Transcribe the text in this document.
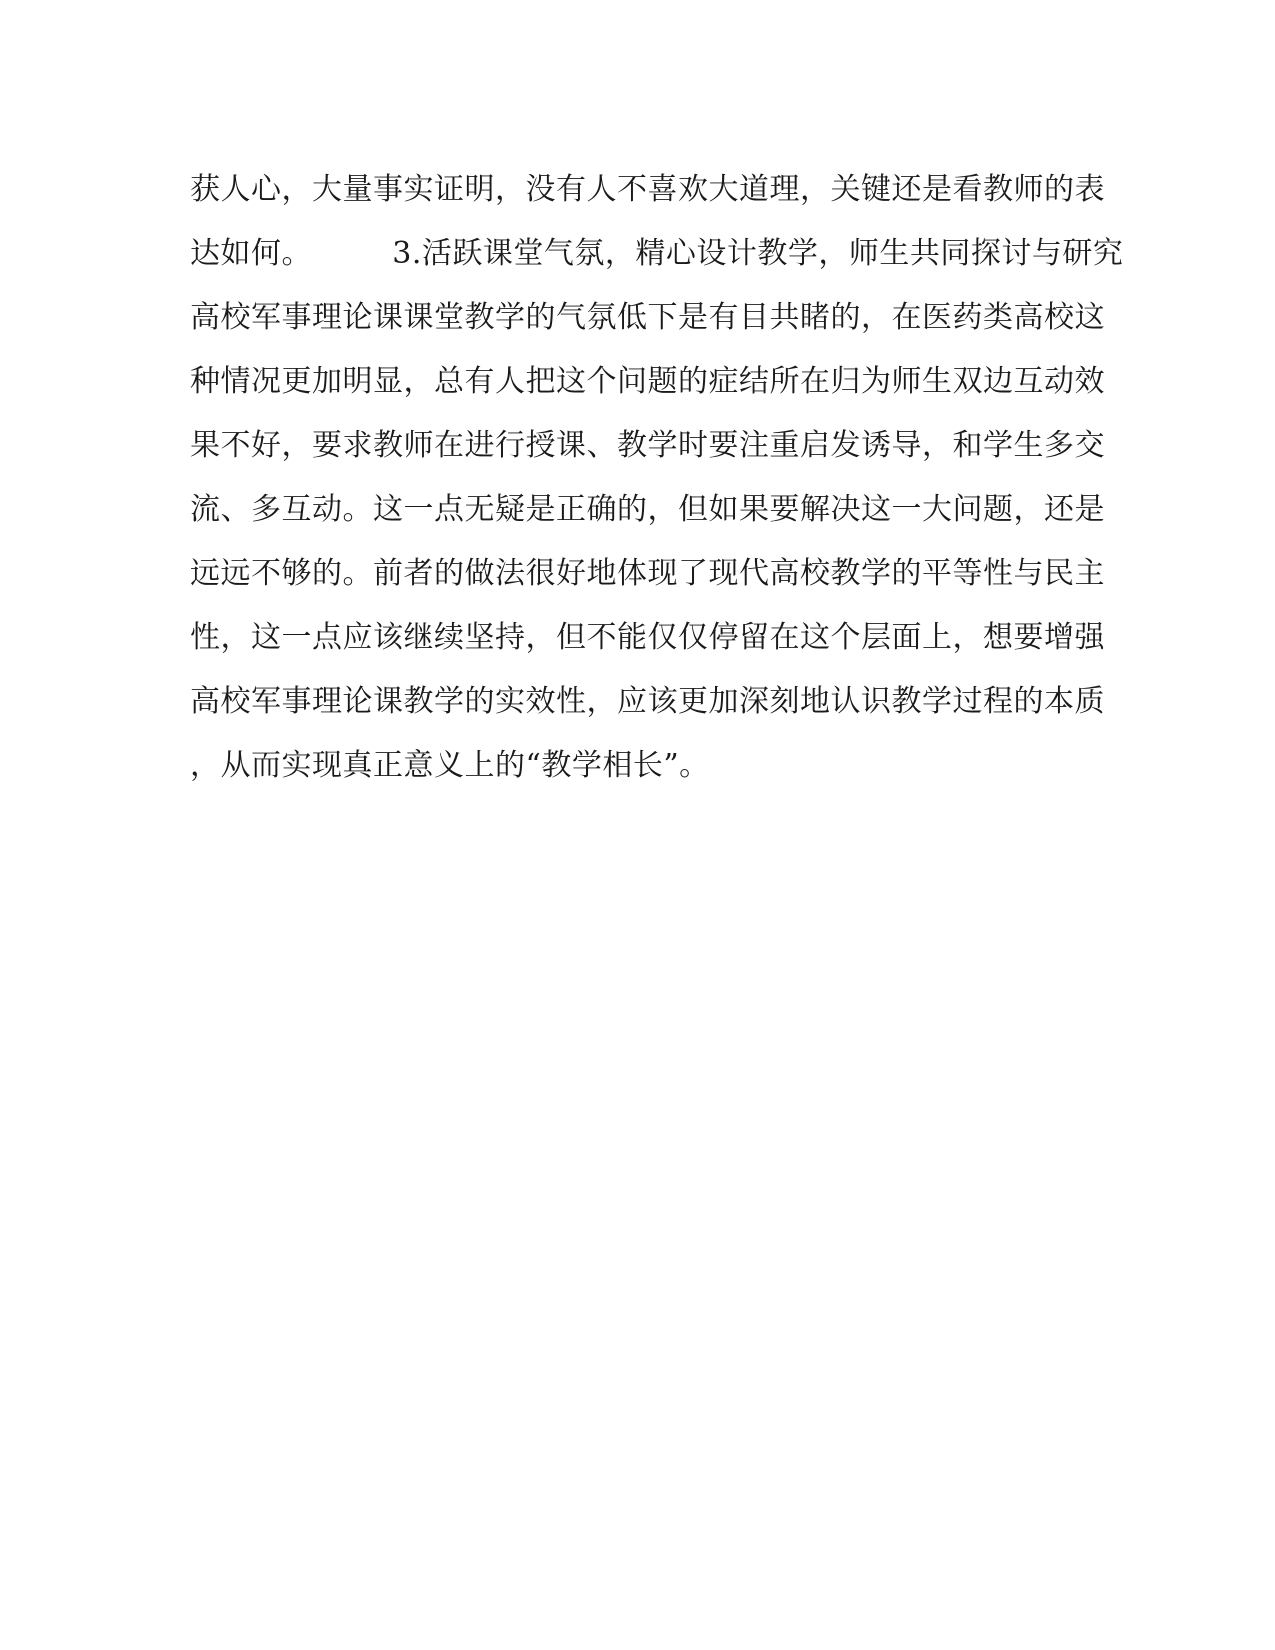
获人心，大量事实证明，没有人不喜欢大道理，关键还是看教师的表
达如何。        3.活跃课堂气氛，精心设计教学，师生共同探讨与研究
高校军事理论课课堂教学的气氛低下是有目共睹的，在医药类高校这
种情况更加明显，总有人把这个问题的症结所在归为师生双边互动效
果不好，要求教师在进行授课、教学时要注重启发诱导，和学生多交
流、多互动。这一点无疑是正确的，但如果要解决这一大问题，还是
远远不够的。前者的做法很好地体现了现代高校教学的平等性与民主
性，这一点应该继续坚持，但不能仅仅停留在这个层面上，想要增强
高校军事理论课教学的实效性，应该更加深刻地认识教学过程的本质
，从而实现真正意义上的“教学相长”。
